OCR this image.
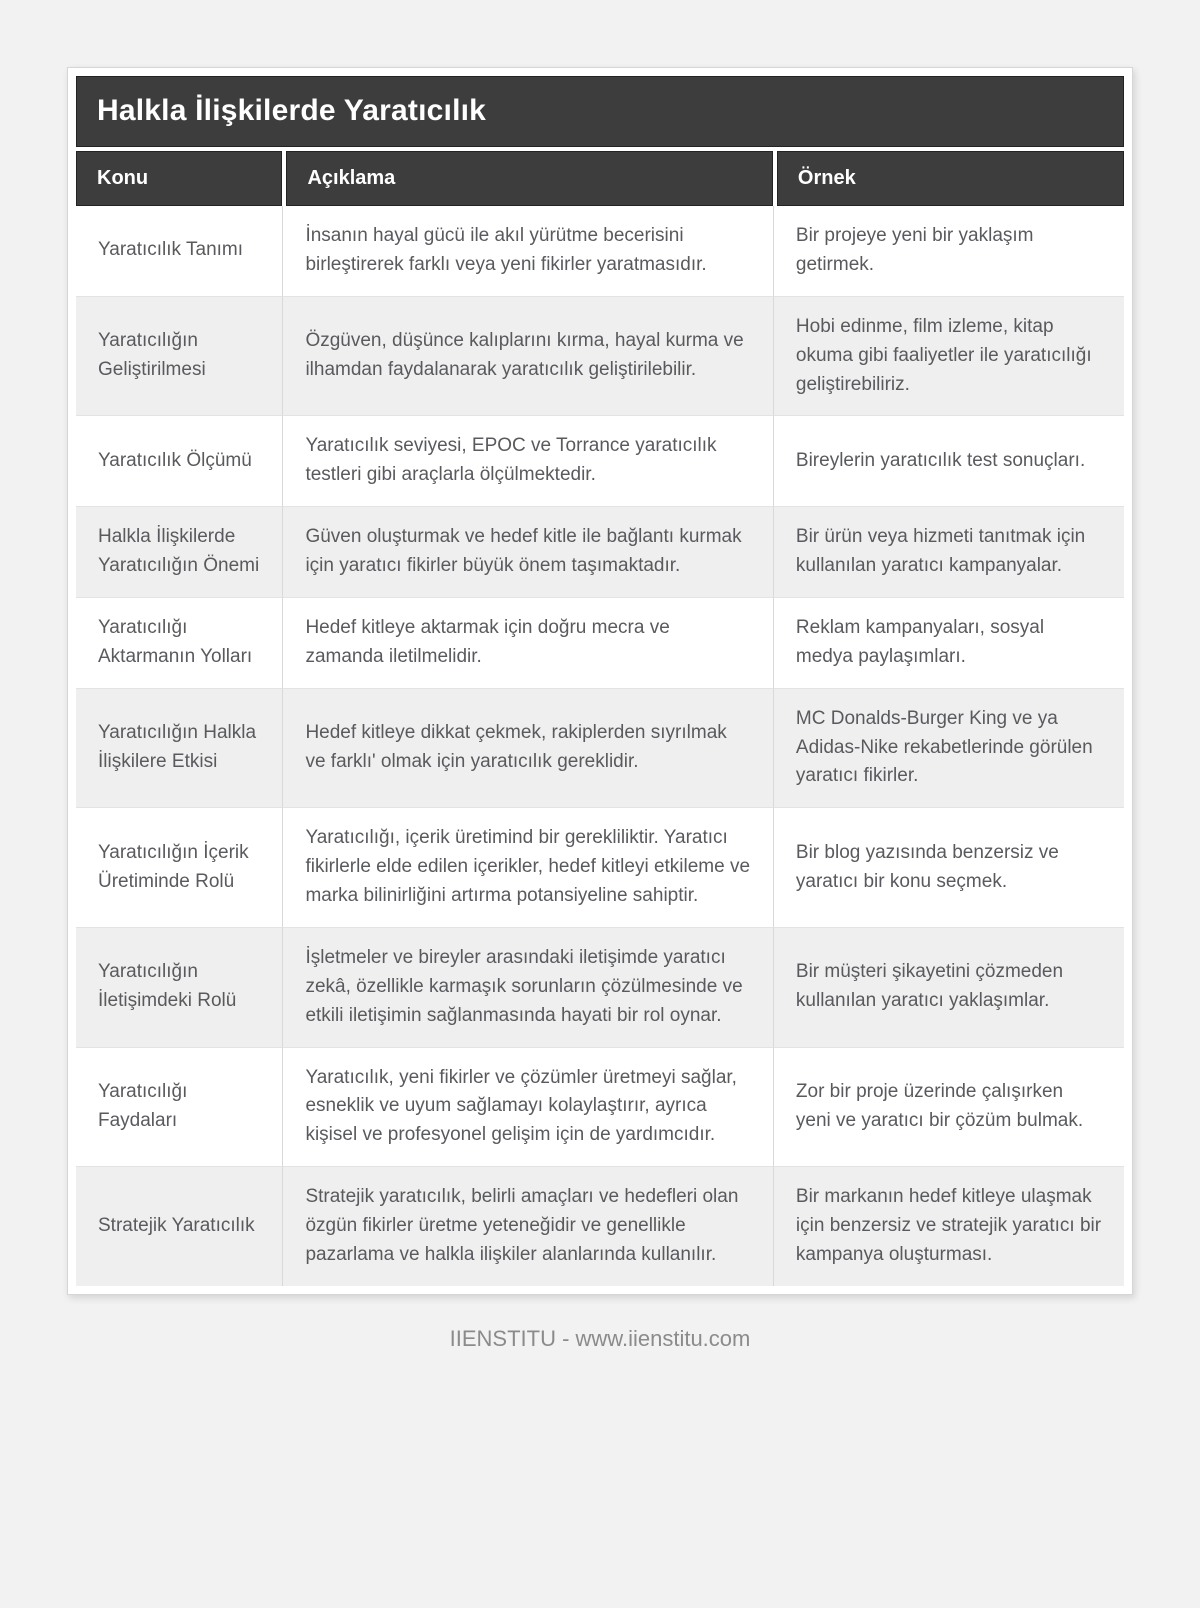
Halkla İlişkilerde Yaratıcılık
Konu	Açıklama	Örnek
Yaratıcılık Tanımı
İnsanın hayal gücü ile akıl yürütme becerisini birleştirerek farklı veya yeni fikirler yaratmasıdır.
Bir projeye yeni bir yaklaşım getirmek.
Yaratıcılığın Geliştirilmesi
Özgüven, düşünce kalıplarını kırma, hayal kurma ve ilhamdan faydalanarak yaratıcılık geliştirilebilir.
Hobi edinme, film izleme, kitap okuma gibi faaliyetler ile yaratıcılığı geliştirebiliriz.
Yaratıcılık Ölçümü
Yaratıcılık seviyesi, EPOC ve Torrance yaratıcılık testleri gibi araçlarla ölçülmektedir.
Bireylerin yaratıcılık test sonuçları.
Halkla İlişkilerde Yaratıcılığın Önemi
Güven oluşturmak ve hedef kitle ile bağlantı kurmak için yaratıcı fikirler büyük önem taşımaktadır.
Bir ürün veya hizmeti tanıtmak için kullanılan yaratıcı kampanyalar.
Yaratıcılığı Aktarmanın Yolları
Hedef kitleye aktarmak için doğru mecra ve zamanda iletilmelidir.
Reklam kampanyaları, sosyal medya paylaşımları.
Yaratıcılığın Halkla İlişkilere Etkisi
Hedef kitleye dikkat çekmek, rakiplerden sıyrılmak ve farklı' olmak için yaratıcılık gereklidir.
MC Donalds-Burger King ve ya Adidas-Nike rekabetlerinde görülen yaratıcı fikirler.
Yaratıcılığın İçerik Üretiminde Rolü
Yaratıcılığı, içerik üretimind bir gerekliliktir. Yaratıcı fikirlerle elde edilen içerikler, hedef kitleyi etkileme ve marka bilinirliğini artırma potansiyeline sahiptir.
Bir blog yazısında benzersiz ve yaratıcı bir konu seçmek.
Yaratıcılığın İletişimdeki Rolü
İşletmeler ve bireyler arasındaki iletişimde yaratıcı zekâ, özellikle karmaşık sorunların çözülmesinde ve etkili iletişimin sağlanmasında hayati bir rol oynar.
Bir müşteri şikayetini çözmeden kullanılan yaratıcı yaklaşımlar.
Yaratıcılığı Faydaları
Yaratıcılık, yeni fikirler ve çözümler üretmeyi sağlar, esneklik ve uyum sağlamayı kolaylaştırır, ayrıca kişisel ve profesyonel gelişim için de yardımcıdır.
Zor bir proje üzerinde çalışırken yeni ve yaratıcı bir çözüm bulmak.
Stratejik Yaratıcılık
Stratejik yaratıcılık, belirli amaçları ve hedefleri olan özgün fikirler üretme yeteneğidir ve genellikle pazarlama ve halkla ilişkiler alanlarında kullanılır.
Bir markanın hedef kitleye ulaşmak için benzersiz ve stratejik yaratıcı bir kampanya oluşturması.
IIENSTITU - www.iienstitu.com
